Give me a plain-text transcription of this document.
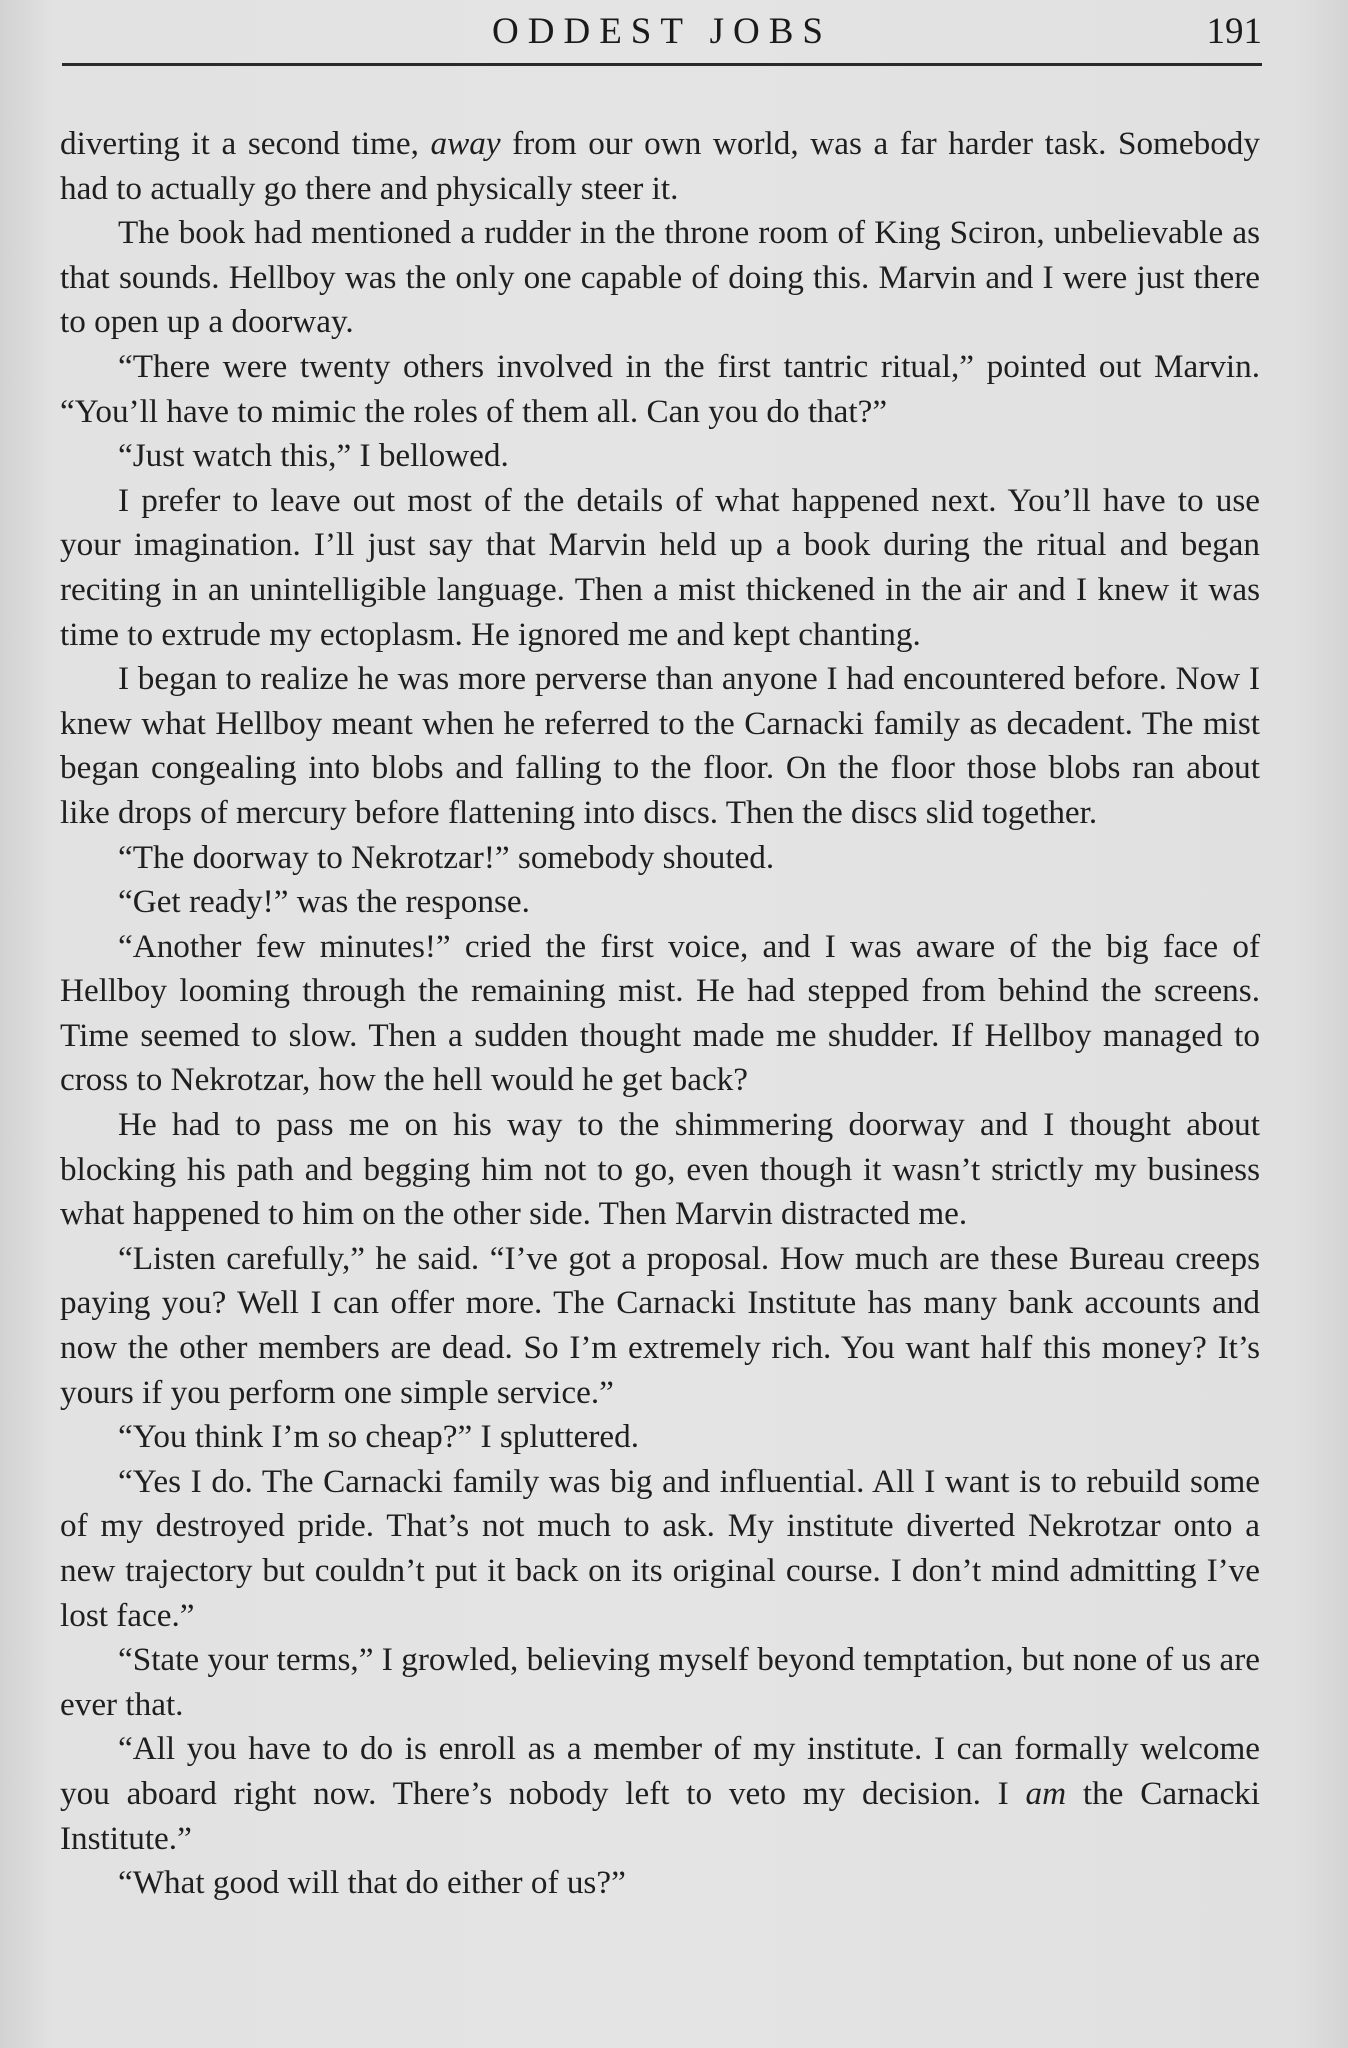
ODDEST JOBS	191

diverting it a second time, away from our own world, was a far harder task. Somebody had to actually go there and physically steer it.

The book had mentioned a rudder in the throne room of King Sciron, unbelievable as that sounds. Hellboy was the only one capable of doing this. Marvin and I were just there to open up a doorway.

“There were twenty others involved in the first tantric ritual,” pointed out Marvin. “You’ll have to mimic the roles of them all. Can you do that?”

“Just watch this,” I bellowed.

I prefer to leave out most of the details of what happened next. You’ll have to use your imagination. I’ll just say that Marvin held up a book during the ritual and began reciting in an unintelligible language. Then a mist thickened in the air and I knew it was time to extrude my ectoplasm. He ignored me and kept chanting.

I began to realize he was more perverse than anyone I had encountered before. Now I knew what Hellboy meant when he referred to the Carnacki family as decadent. The mist began congealing into blobs and falling to the floor. On the floor those blobs ran about like drops of mercury before flattening into discs. Then the discs slid together.

“The doorway to Nekrotzar!” somebody shouted.

“Get ready!” was the response.

“Another few minutes!” cried the first voice, and I was aware of the big face of Hellboy looming through the remaining mist. He had stepped from behind the screens. Time seemed to slow. Then a sudden thought made me shudder. If Hellboy managed to cross to Nekrotzar, how the hell would he get back?

He had to pass me on his way to the shimmering doorway and I thought about blocking his path and begging him not to go, even though it wasn’t strictly my business what happened to him on the other side. Then Marvin distracted me.

“Listen carefully,” he said. “I’ve got a proposal. How much are these Bureau creeps paying you? Well I can offer more. The Carnacki Institute has many bank accounts and now the other members are dead. So I’m extremely rich. You want half this money? It’s yours if you perform one simple service.”

“You think I’m so cheap?” I spluttered.

“Yes I do. The Carnacki family was big and influential. All I want is to rebuild some of my destroyed pride. That’s not much to ask. My institute diverted Nekrotzar onto a new trajectory but couldn’t put it back on its original course. I don’t mind admitting I’ve lost face.”

“State your terms,” I growled, believing myself beyond temptation, but none of us are ever that.

“All you have to do is enroll as a member of my institute. I can formally welcome you aboard right now. There’s nobody left to veto my decision. I am the Carnacki Institute.”

“What good will that do either of us?”
